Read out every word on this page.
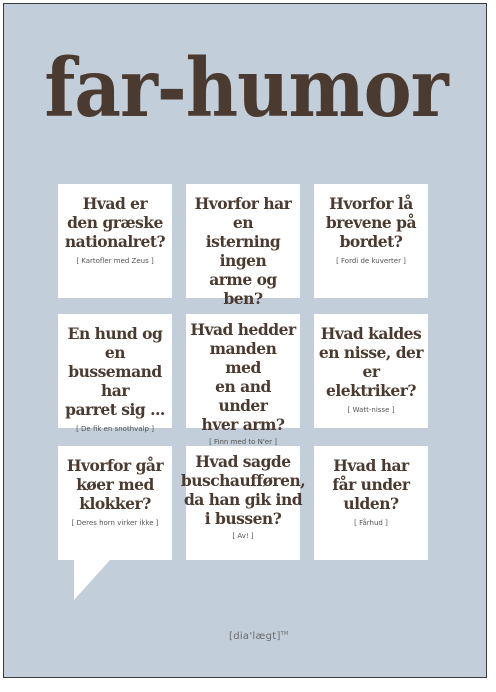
far-humor
Hvad er
den græske
nationalret?
[ Kartofler med Zeus ]
Hvorfor har en
isterning ingen
arme og ben?
Hvorfor lå
brevene på
bordet?
[ Fordi de kuverter ]
En hund og en
bussemand har
parret sig ...
[ De fik en snothvalp ]
Hvad hedder
manden med
en and under
hver arm?
[ Finn med to N'er ]
Hvad kaldes
en nisse, der
er elektriker?
[ Watt-nisse ]
Hvorfor går
køer med
klokker?
[ Deres horn virker ikke ]
Hvad sagde
buschaufføren,
da han gik ind
i bussen?
[ Av! ]
Hvad har
får under
ulden?
[ Fårhud ]
[dia'lægt]™
